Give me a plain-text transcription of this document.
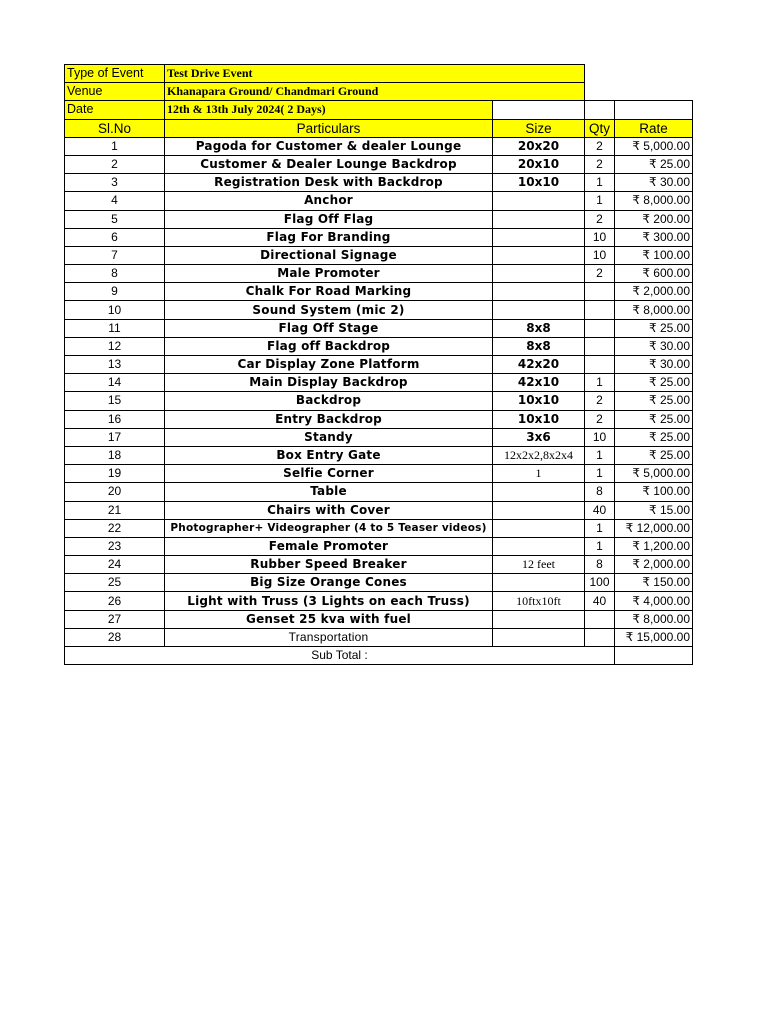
Type of Event	Test Drive Event			
Venue	Khanapara Ground/ Chandmari Ground			
Date	12th & 13th July 2024( 2 Days)			
Sl.No	Particulars	Size	Qty	Rate
1	Pagoda for Customer & dealer Lounge	20x20	2	₹ 5,000.00
2	Customer & Dealer Lounge Backdrop	20x10	2	₹ 25.00
3	Registration Desk with Backdrop	10x10	1	₹ 30.00
4	Anchor		1	₹ 8,000.00
5	Flag Off Flag		2	₹ 200.00
6	Flag For Branding		10	₹ 300.00
7	Directional Signage		10	₹ 100.00
8	Male Promoter		2	₹ 600.00
9	Chalk For Road Marking			₹ 2,000.00
10	Sound System (mic 2)			₹ 8,000.00
11	Flag Off Stage	8x8		₹ 25.00
12	Flag off Backdrop	8x8		₹ 30.00
13	Car Display Zone Platform	42x20		₹ 30.00
14	Main Display Backdrop	42x10	1	₹ 25.00
15	Backdrop	10x10	2	₹ 25.00
16	Entry Backdrop	10x10	2	₹ 25.00
17	Standy	3x6	10	₹ 25.00
18	Box Entry Gate	12x2x2,8x2x4	1	₹ 25.00
19	Selfie Corner	1	1	₹ 5,000.00
20	Table		8	₹ 100.00
21	Chairs with Cover		40	₹ 15.00
22	Photographer+ Videographer (4 to 5 Teaser videos)		1	₹ 12,000.00
23	Female Promoter		1	₹ 1,200.00
24	Rubber Speed Breaker	12 feet	8	₹ 2,000.00
25	Big Size Orange Cones		100	₹ 150.00
26	Light with Truss (3 Lights on each Truss)	10ftx10ft	40	₹ 4,000.00
27	Genset 25 kva with fuel			₹ 8,000.00
28	Transportation			₹ 15,000.00
Sub Total :				
